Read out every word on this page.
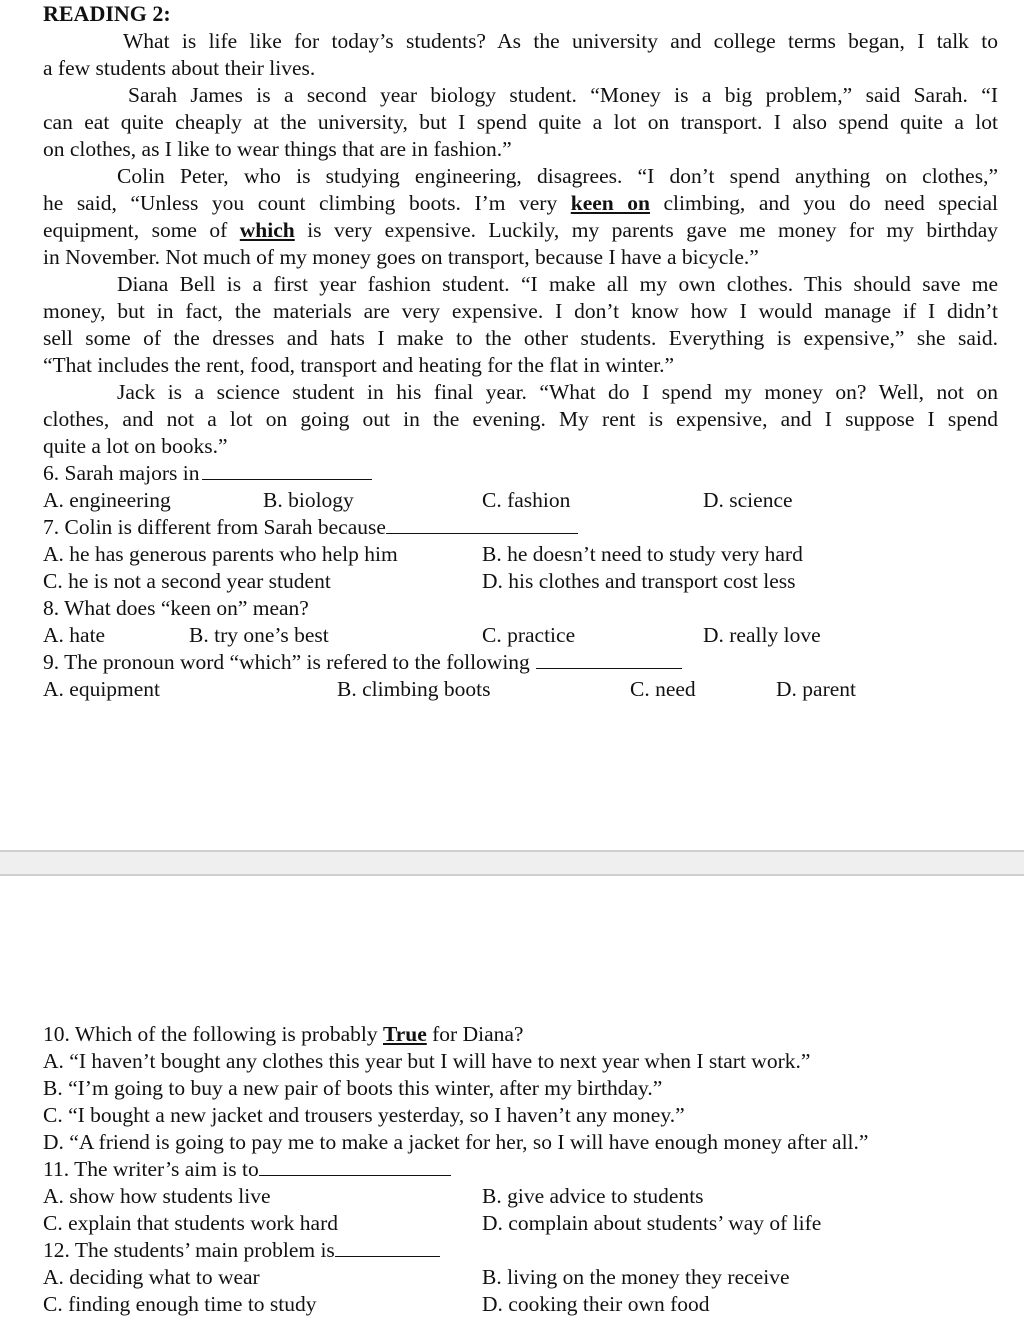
READING 2:
What is life like for today’s students? As the university and college terms began, I talk to
a few students about their lives.
Sarah James is a second year biology student. “Money is a big problem,” said Sarah. “I
can eat quite cheaply at the university, but I spend quite a lot on transport. I also spend quite a lot
on clothes, as I like to wear things that are in fashion.”
Colin Peter, who is studying engineering, disagrees. “I don’t spend anything on clothes,”
he said, “Unless you count climbing boots. I’m very keen on climbing, and you do need special
equipment, some of which is very expensive. Luckily, my parents gave me money for my birthday
in November. Not much of my money goes on transport, because I have a bicycle.”
Diana Bell is a first year fashion student. “I make all my own clothes. This should save me
money, but in fact, the materials are very expensive. I don’t know how I would manage if I didn’t
sell some of the dresses and hats I make to the other students. Everything is expensive,” she said.
“That includes the rent, food, transport and heating for the flat in winter.”
Jack is a science student in his final year. “What do I spend my money on? Well, not on
clothes, and not a lot on going out in the evening. My rent is expensive, and I suppose I spend
quite a lot on books.”
6. Sarah majors in
A. engineering	B. biology	C. fashion	D. science
7. Colin is different from Sarah because
A. he has generous parents who help him	B. he doesn’t need to study very hard
C. he is not a second year student	D. his clothes and transport cost less
8. What does “keen on” mean?
A. hate	B. try one’s best	C. practice	D. really love
9. The pronoun word “which” is refered to the following
A. equipment	B. climbing boots	C. need	D. parent
10. Which of the following is probably True for Diana?
A. “I haven’t bought any clothes this year but I will have to next year when I start work.”
B. “I’m going to buy a new pair of boots this winter, after my birthday.”
C. “I bought a new jacket and trousers yesterday, so I haven’t any money.”
D. “A friend is going to pay me to make a jacket for her, so I will have enough money after all.”
11. The writer’s aim is to
A. show how students live	B. give advice to students
C. explain that students work hard	D. complain about students’ way of life
12. The students’ main problem is
A. deciding what to wear	B. living on the money they receive
C. finding enough time to study	D. cooking their own food
